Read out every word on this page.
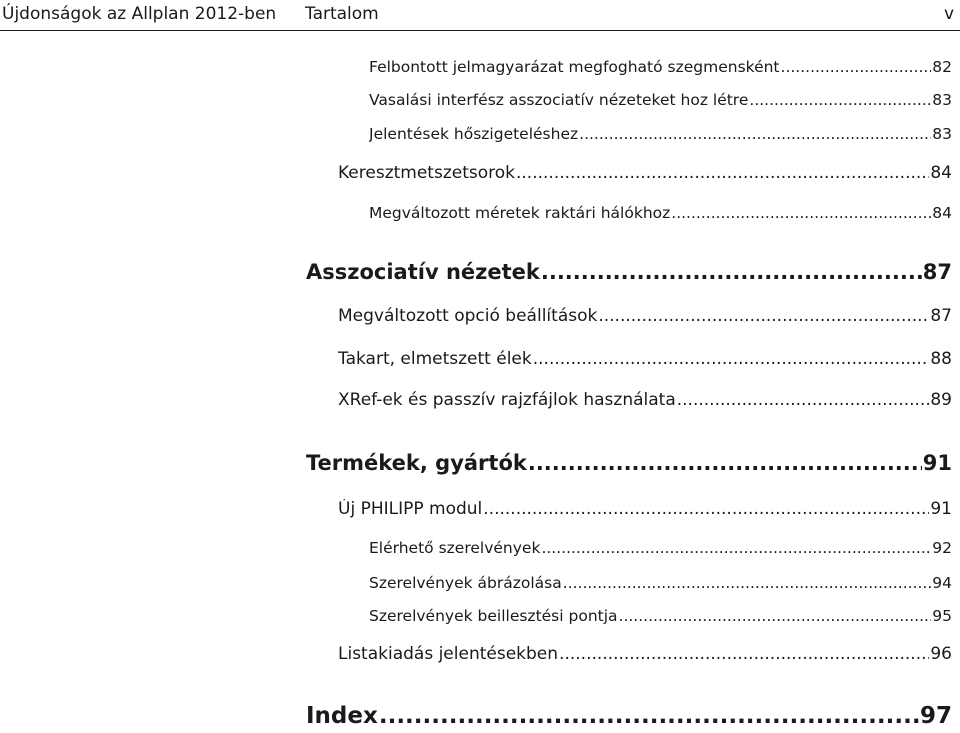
Újdonságok az Allplan 2012-ben Tartalom	v
Felbontott jelmagyarázat megfogható szegmensként .....	82
Vasalási interfész asszociatív nézeteket hoz létre .....	83
Jelentések hőszigeteléshez .....	83
Keresztmetszetsorok .....	84
Megváltozott méretek raktári hálókhoz .....	84
Asszociatív nézetek .....	87
Megváltozott opció beállítások .....	87
Takart, elmetszett élek .....	88
XRef-ek és passzív rajzfájlok használata .....	89
Termékek, gyártók .....	91
Új PHILIPP modul .....	91
Elérhető szerelvények .....	92
Szerelvények ábrázolása .....	94
Szerelvények beillesztési pontja .....	95
Listakiadás jelentésekben .....	96
Index .....	97
